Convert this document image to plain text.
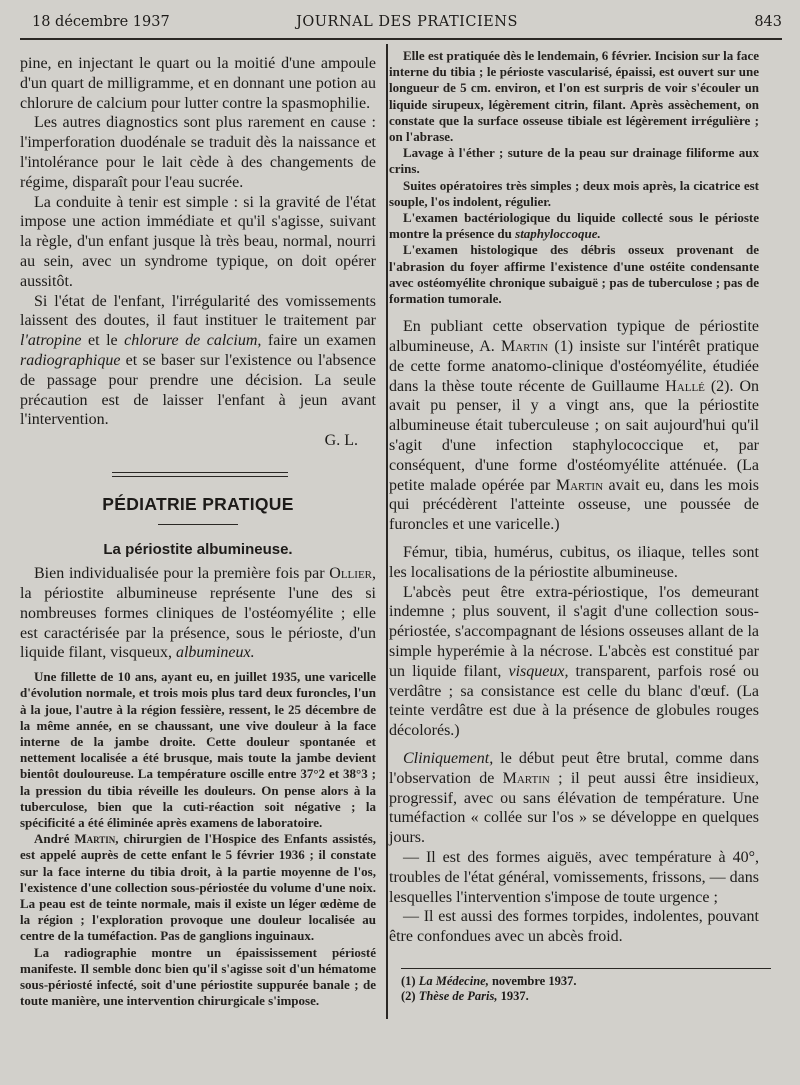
18 décembre 1937	JOURNAL DES PRATICIENS	843

pine, en injectant le quart ou la moitié d'une ampoule d'un quart de milligramme, et en donnant une potion au chlorure de calcium pour lutter contre la spasmophilie.

Les autres diagnostics sont plus rarement en cause : l'imperforation duodénale se traduit dès la naissance et l'intolérance pour le lait cède à des changements de régime, disparaît pour l'eau sucrée.

La conduite à tenir est simple : si la gravité de l'état impose une action immédiate et qu'il s'agisse, suivant la règle, d'un enfant jusque là très beau, normal, nourri au sein, avec un syndrome typique, on doit opérer aussitôt.

Si l'état de l'enfant, l'irrégularité des vomissements laissent des doutes, il faut instituer le traitement par l'atropine et le chlorure de calcium, faire un examen radiographique et se baser sur l'existence ou l'absence de passage pour prendre une décision. La seule précaution est de laisser l'enfant à jeun avant l'intervention.

G. L.

PÉDIATRIE PRATIQUE
La périostite albumineuse.

Bien individualisée pour la première fois par Ollier, la périostite albumineuse représente l'une des si nombreuses formes cliniques de l'ostéomyélite ; elle est caractérisée par la présence, sous le périoste, d'un liquide filant, visqueux, albumineux.

Une fillette de 10 ans, ayant eu, en juillet 1935, une varicelle d'évolution normale, et trois mois plus tard deux furoncles, l'un à la joue, l'autre à la région fessière, ressent, le 25 décembre de la même année, en se chaussant, une vive douleur à la face interne de la jambe droite. Cette douleur spontanée et nettement localisée a été brusque, mais toute la jambe devient bientôt douloureuse. La température oscille entre 37°2 et 38°3 ; la pression du tibia réveille les douleurs. On pense alors à la tuberculose, bien que la cuti-réaction soit négative ; la spécificité a été éliminée après examens de laboratoire.

André Martin, chirurgien de l'Hospice des Enfants assistés, est appelé auprès de cette enfant le 5 février 1936 ; il constate sur la face interne du tibia droit, à la partie moyenne de l'os, l'existence d'une collection sous-périostée du volume d'une noix. La peau est de teinte normale, mais il existe un léger œdème de la région ; l'exploration provoque une douleur localisée au centre de la tuméfaction. Pas de ganglions inguinaux.

La radiographie montre un épaississement périosté manifeste. Il semble donc bien qu'il s'agisse soit d'un hématome sous-périosté infecté, soit d'une périostite suppurée banale ; de toute manière, une intervention chirurgicale s'impose.

Elle est pratiquée dès le lendemain, 6 février. Incision sur la face interne du tibia ; le périoste vascularisé, épaissi, est ouvert sur une longueur de 5 cm. environ, et l'on est surpris de voir s'écouler un liquide sirupeux, légèrement citrin, filant. Après assèchement, on constate que la surface osseuse tibiale est légèrement irrégulière ; on l'abrase.

Lavage à l'éther ; suture de la peau sur drainage filiforme aux crins.

Suites opératoires très simples ; deux mois après, la cicatrice est souple, l'os indolent, régulier.

L'examen bactériologique du liquide collecté sous le périoste montre la présence du staphyloccoque.

L'examen histologique des débris osseux provenant de l'abrasion du foyer affirme l'existence d'une ostéite condensante avec ostéomyélite chronique subaiguë ; pas de tuberculose ; pas de formation tumorale.

En publiant cette observation typique de périostite albumineuse, A. Martin (1) insiste sur l'intérêt pratique de cette forme anatomo-clinique d'ostéomyélite, étudiée dans la thèse toute récente de Guillaume Hallé (2). On avait pu penser, il y a vingt ans, que la périostite albumineuse était tuberculeuse ; on sait aujourd'hui qu'il s'agit d'une infection staphylococcique et, par conséquent, d'une forme d'ostéomyélite atténuée. (La petite malade opérée par Martin avait eu, dans les mois qui précédèrent l'atteinte osseuse, une poussée de furoncles et une varicelle.)

Fémur, tibia, humérus, cubitus, os iliaque, telles sont les localisations de la périostite albumineuse.

L'abcès peut être extra-périostique, l'os demeurant indemne ; plus souvent, il s'agit d'une collection sous-périostée, s'accompagnant de lésions osseuses allant de la simple hyperémie à la nécrose. L'abcès est constitué par un liquide filant, visqueux, transparent, parfois rosé ou verdâtre ; sa consistance est celle du blanc d'œuf. (La teinte verdâtre est due à la présence de globules rouges décolorés.)

Cliniquement, le début peut être brutal, comme dans l'observation de Martin ; il peut aussi être insidieux, progressif, avec ou sans élévation de température. Une tuméfaction « collée sur l'os » se développe en quelques jours.

— Il est des formes aiguës, avec température à 40°, troubles de l'état général, vomissements, frissons, — dans lesquelles l'intervention s'impose de toute urgence ;

— Il est aussi des formes torpides, indolentes, pouvant être confondues avec un abcès froid.

(1) La Médecine, novembre 1937.

(2) Thèse de Paris, 1937.
